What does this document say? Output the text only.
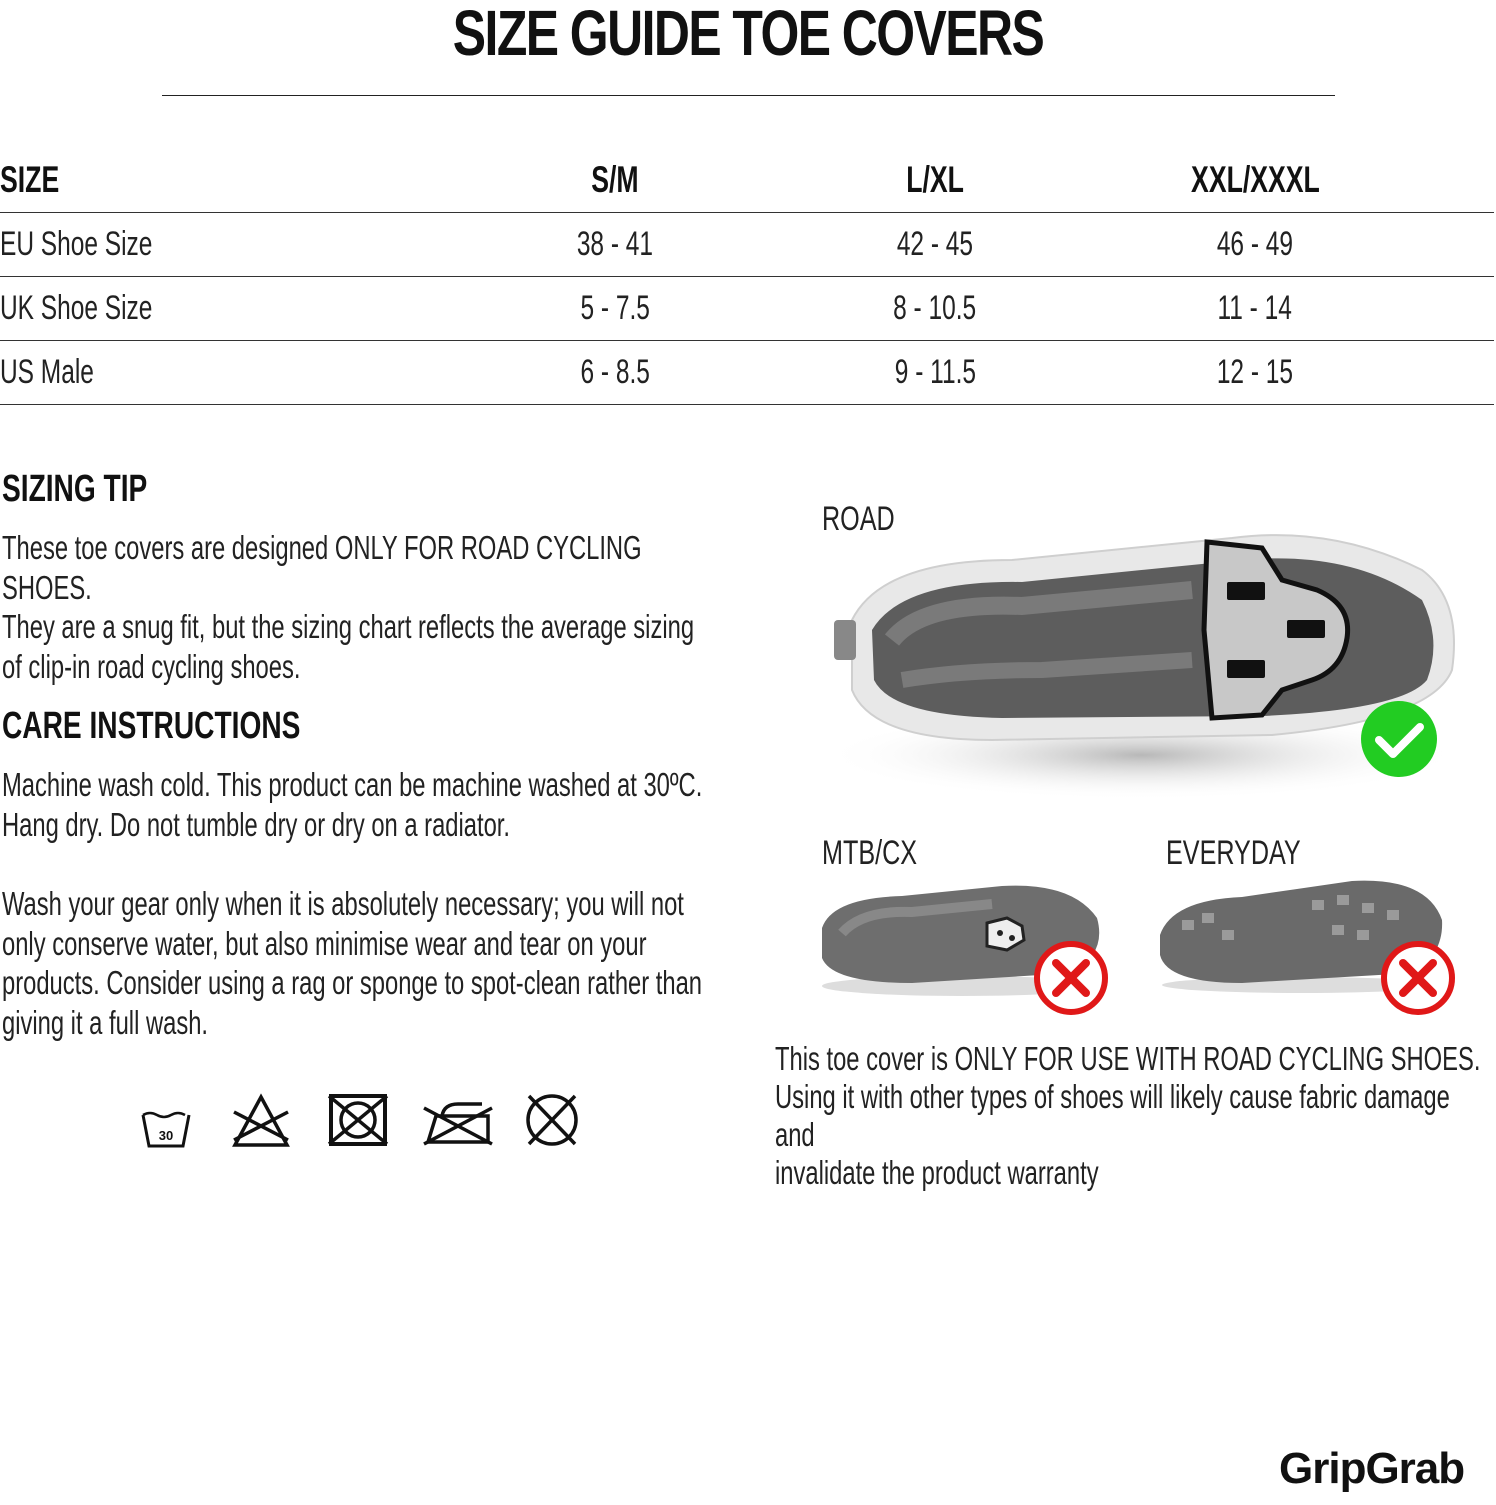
SIZE GUIDE TOE COVERS
SIZE	S/M	L/XL	XXL/XXXL	
EU Shoe Size	38 - 41	42 - 45	46 - 49	
UK Shoe Size	5 - 7.5	8 - 10.5	11 - 14	
US Male	6 - 8.5	9 - 11.5	12 - 15	
SIZING TIP
These toe covers are designed ONLY FOR ROAD CYCLING SHOES.
They are a snug fit, but the sizing chart reflects the average sizing
of clip-in road cycling shoes.
CARE INSTRUCTIONS
Machine wash cold. This product can be machine washed at 30ºC.
Hang dry. Do not tumble dry or dry on a radiator.
Wash your gear only when it is absolutely necessary; you will not
only conserve water, but also minimise wear and tear on your
products. Consider using a rag or sponge to spot-clean rather than
giving it a full wash.
30
ROAD
MTB/CX	EVERYDAY
This toe cover is ONLY FOR USE WITH ROAD CYCLING SHOES.
Using it with other types of shoes will likely cause fabric damage and
invalidate the product warranty
GripGrab
